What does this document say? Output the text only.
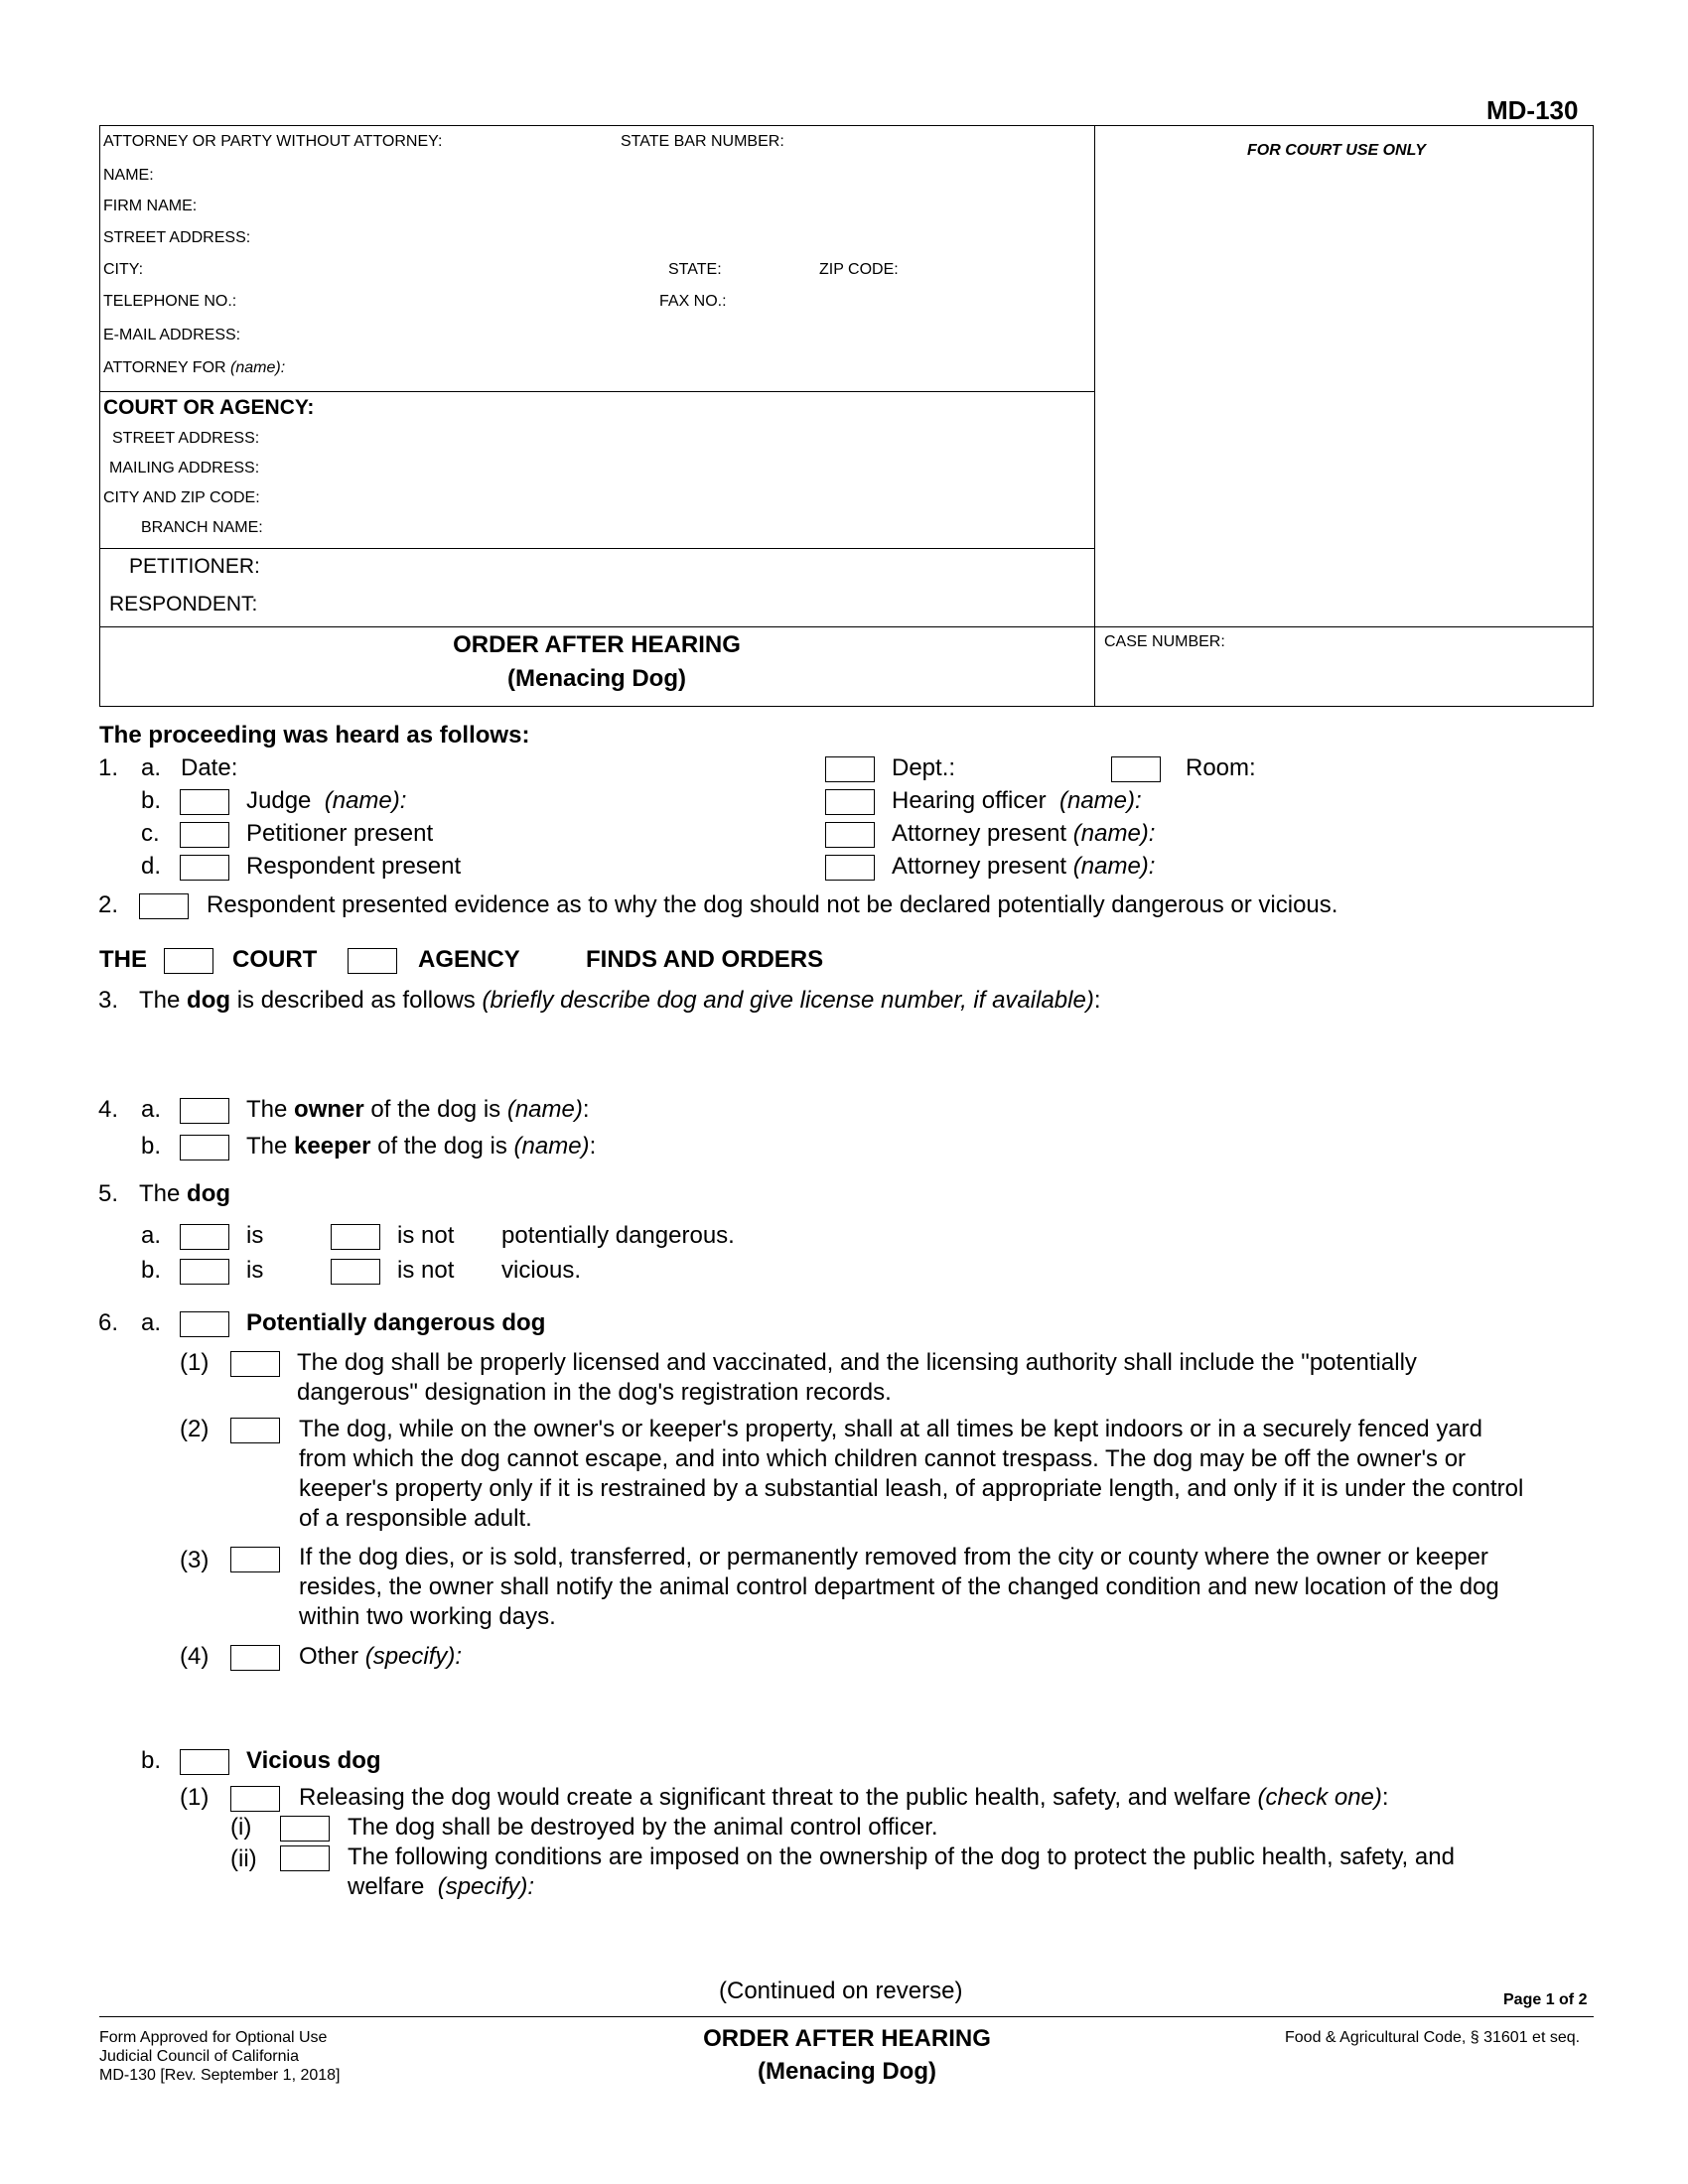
MD-130
ATTORNEY OR PARTY WITHOUT ATTORNEY:	STATE BAR NUMBER:
NAME:
FIRM NAME:
STREET ADDRESS:
CITY:	STATE:	ZIP CODE:
TELEPHONE NO.:	FAX NO.:
E-MAIL ADDRESS:
ATTORNEY FOR (name):
FOR COURT USE ONLY
COURT OR AGENCY:
STREET ADDRESS:
MAILING ADDRESS:
CITY AND ZIP CODE:
BRANCH NAME:
PETITIONER:
RESPONDENT:
ORDER AFTER HEARING
(Menacing Dog)
CASE NUMBER:
The proceeding was heard as follows:
1. a. Date:	Dept.:	Room:
b.	Judge (name):	Hearing officer (name):
c.	Petitioner present	Attorney present (name):
d.	Respondent present	Attorney present (name):
2.	Respondent presented evidence as to why the dog should not be declared potentially dangerous or vicious.
THE	COURT	AGENCY	FINDS AND ORDERS
3. The dog is described as follows (briefly describe dog and give license number, if available):
4. a.	The owner of the dog is (name):
b.	The keeper of the dog is (name):
5. The dog
a.	is	is not potentially dangerous.
b.	is	is not vicious.
6. a.	Potentially dangerous dog
(1)	The dog shall be properly licensed and vaccinated, and the licensing authority shall include the "potentially
dangerous" designation in the dog's registration records.
(2)	The dog, while on the owner's or keeper's property, shall at all times be kept indoors or in a securely fenced yard
from which the dog cannot escape, and into which children cannot trespass. The dog may be off the owner's or
keeper's property only if it is restrained by a substantial leash, of appropriate length, and only if it is under the control
of a responsible adult.
(3)	If the dog dies, or is sold, transferred, or permanently removed from the city or county where the owner or keeper
resides, the owner shall notify the animal control department of the changed condition and new location of the dog
within two working days.
(4)	Other (specify):
b.	Vicious dog
(1)	Releasing the dog would create a significant threat to the public health, safety, and welfare (check one):
(i)	The dog shall be destroyed by the animal control officer.
(ii)	The following conditions are imposed on the ownership of the dog to protect the public health, safety, and
welfare (specify):
(Continued on reverse)	Page 1 of 2
Form Approved for Optional Use
Judicial Council of California
MD-130 [Rev. September 1, 2018]
ORDER AFTER HEARING
(Menacing Dog)
Food & Agricultural Code, § 31601 et seq.
